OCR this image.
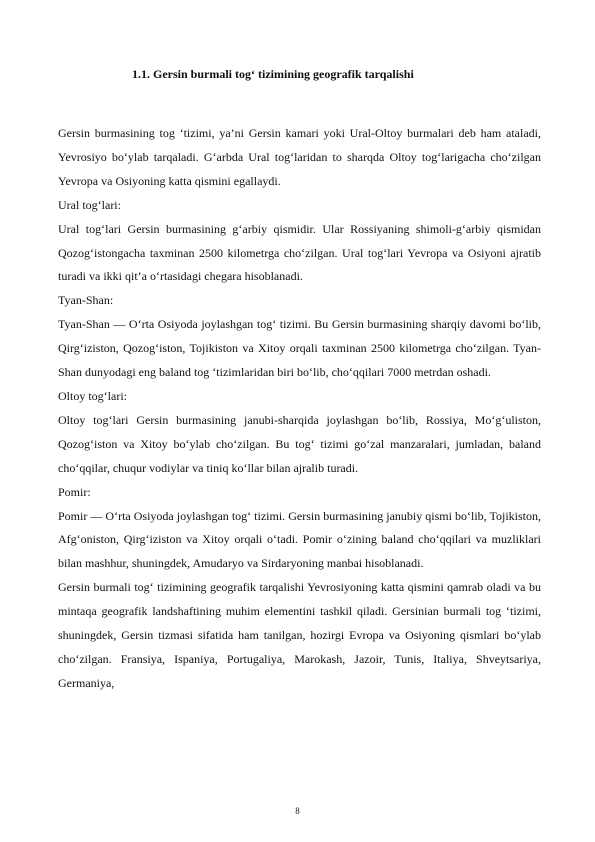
1.1. Gersin burmali tog‘ tizimining geografik tarqalishi

Gersin burmasining tog ‘tizimi, ya’ni Gersin kamari yoki Ural-Oltoy burmalari deb ham ataladi, Yevrosiyo bo‘ylab tarqaladi. G‘arbda Ural tog‘laridan to sharqda Oltoy tog‘larigacha cho‘zilgan Yevropa va Osiyoning katta qismini egallaydi.

Ural tog‘lari:

Ural tog‘lari Gersin burmasining g‘arbiy qismidir. Ular Rossiyaning shimoli-g‘arbiy qismidan Qozog‘istongacha taxminan 2500 kilometrga cho‘zilgan. Ural tog‘lari Yevropa va Osiyoni ajratib turadi va ikki qit’a o‘rtasidagi chegara hisoblanadi.

Tyan-Shan:

Tyan-Shan — O‘rta Osiyoda joylashgan tog‘ tizimi. Bu Gersin burmasining sharqiy davomi bo‘lib, Qirg‘iziston, Qozog‘iston, Tojikiston va Xitoy orqali taxminan 2500 kilometrga cho‘zilgan. Tyan-Shan dunyodagi eng baland tog ‘tizimlaridan biri bo‘lib, cho‘qqilari 7000 metrdan oshadi.

Oltoy tog‘lari:

Oltoy tog‘lari Gersin burmasining janubi-sharqida joylashgan bo‘lib, Rossiya, Mo‘g‘uliston, Qozog‘iston va Xitoy bo‘ylab cho‘zilgan. Bu tog‘ tizimi go‘zal manzaralari, jumladan, baland cho‘qqilar, chuqur vodiylar va tiniq ko‘llar bilan ajralib turadi.

Pomir:

Pomir — O‘rta Osiyoda joylashgan tog‘ tizimi. Gersin burmasining janubiy qismi bo‘lib, Tojikiston, Afg‘oniston, Qirg‘iziston va Xitoy orqali o‘tadi. Pomir o‘zining baland cho‘qqilari va muzliklari bilan mashhur, shuningdek, Amudaryo va Sirdaryoning manbai hisoblanadi.

Gersin burmali tog‘ tizimining geografik tarqalishi Yevrosiyoning katta qismini qamrab oladi va bu mintaqa geografik landshaftining muhim elementini tashkil qiladi. Gersinian burmali tog ‘tizimi, shuningdek, Gersin tizmasi sifatida ham tanilgan, hozirgi Evropa va Osiyoning qismlari bo‘ylab cho‘zilgan. Fransiya, Ispaniya, Portugaliya, Marokash, Jazoir, Tunis, Italiya, Shveytsariya, Germaniya,

8
